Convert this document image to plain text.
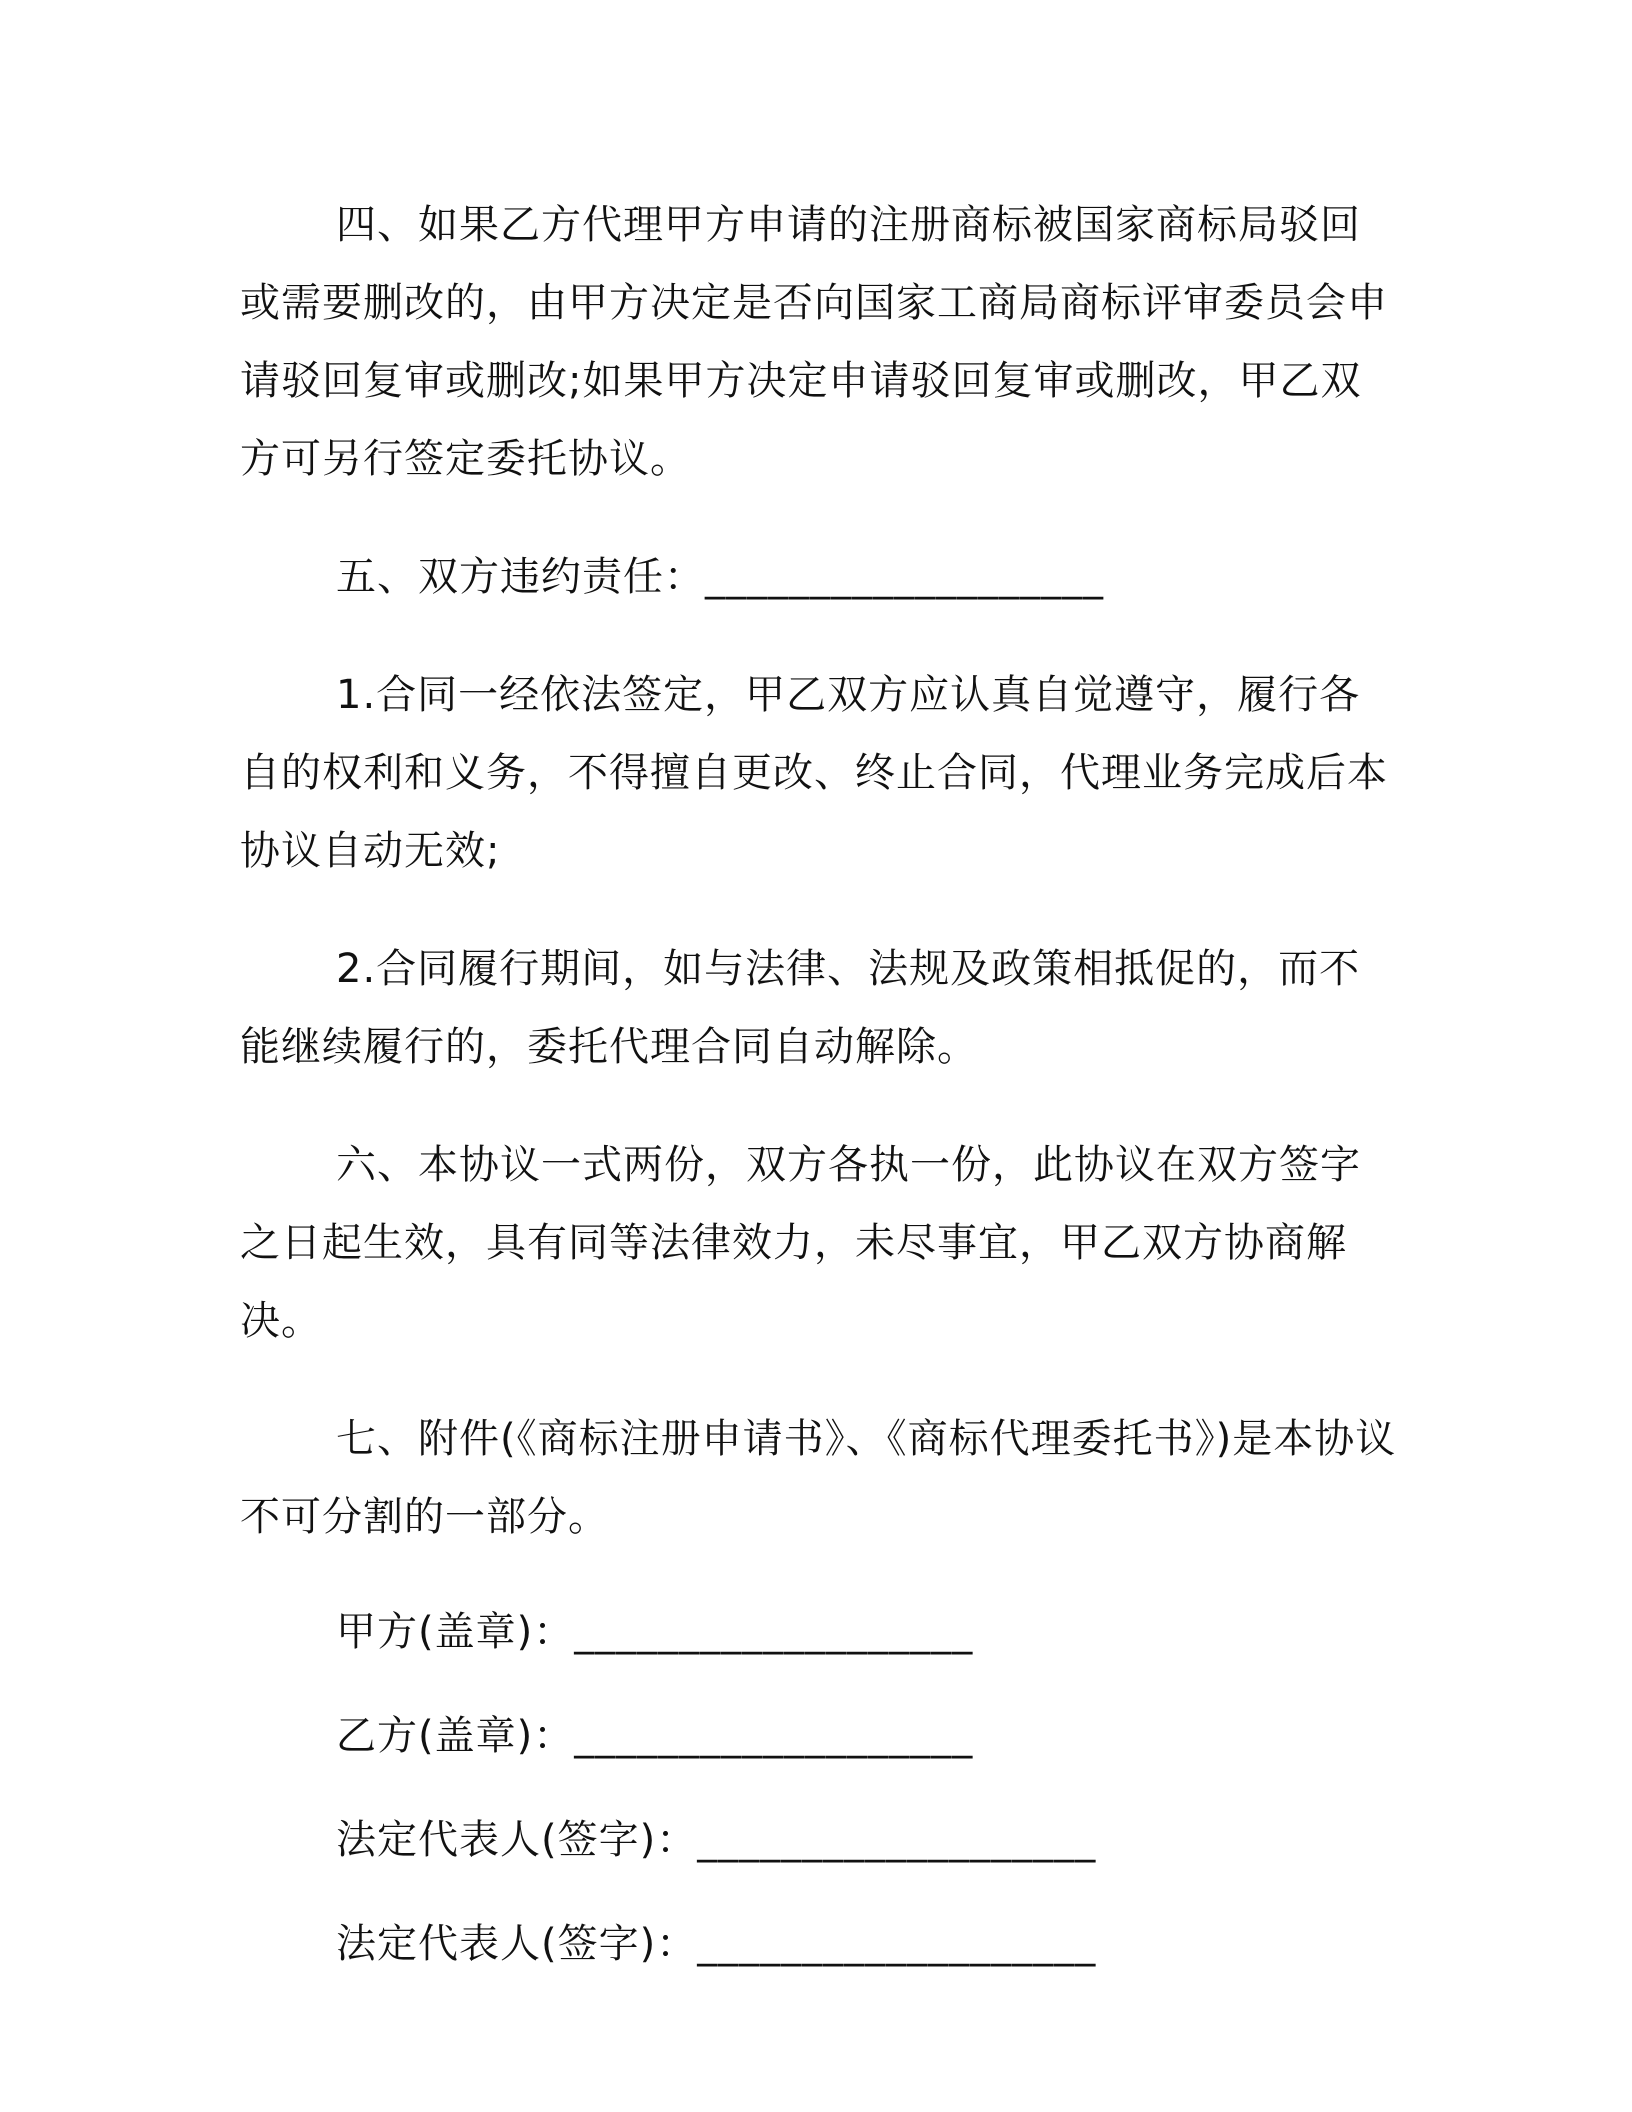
四、如果乙方代理甲方申请的注册商标被国家商标局驳回或需要删改的，由甲方决定是否向国家工商局商标评审委员会申请驳回复审或删改;如果甲方决定申请驳回复审或删改，甲乙双方可另行签定委托协议。

五、双方违约责任：___________________

1.合同一经依法签定，甲乙双方应认真自觉遵守，履行各自的权利和义务，不得擅自更改、终止合同，代理业务完成后本协议自动无效;

2.合同履行期间，如与法律、法规及政策相抵促的，而不能继续履行的，委托代理合同自动解除。

六、本协议一式两份，双方各执一份，此协议在双方签字之日起生效，具有同等法律效力，未尽事宜，甲乙双方协商解决。

七、附件(《商标注册申请书》、《商标代理委托书》)是本协议不可分割的一部分。

甲方(盖章)：___________________

乙方(盖章)：___________________

法定代表人(签字)：___________________

法定代表人(签字)：___________________
